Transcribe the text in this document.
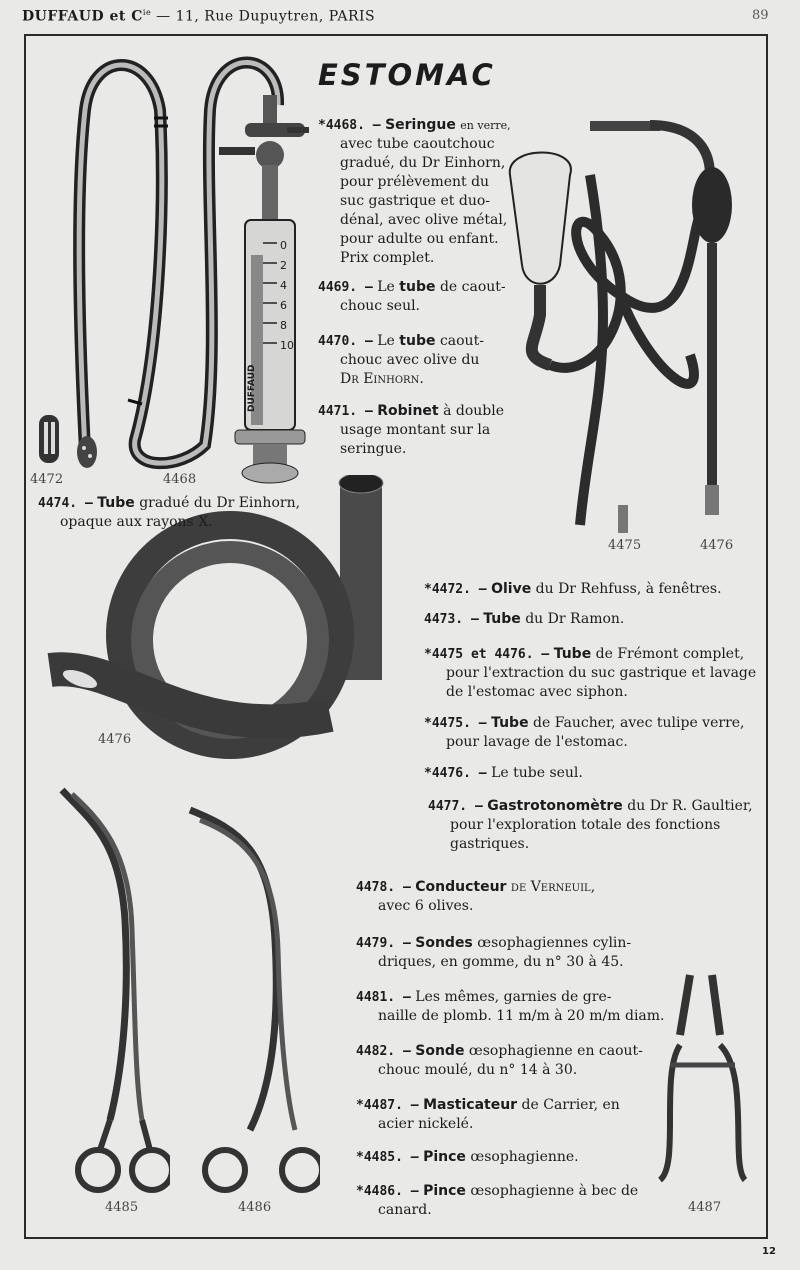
DUFFAUD et $C^{ie}$ — 11, Rue Dupuytren, PARIS	89
ESTOMAC
0
2
4
6
8
10
DUFFAUD
4472	4468
4475	4476
4476
4485	4486	4487
*4468. — Seringue en verre,
avec tube caoutchouc
gradué, du Dr Einhorn,
pour prélèvement du
suc gastrique et duo-
dénal, avec olive métal,
pour adulte ou enfant.
Prix complet.
4469. — Le tube de caout-
chouc seul.
4470. — Le tube caout-
chouc avec olive du
Dr Einhorn.
4471. — Robinet à double
usage montant sur la
seringue.
4474. — Tube gradué du Dr Einhorn,
opaque aux rayons X.
*4472. — Olive du Dr Rehfuss, à fenêtres.
4473. — Tube du Dr Ramon.
*4475 et 4476. — Tube de Frémont complet,
pour l'extraction du suc gastrique et lavage
de l'estomac avec siphon.
*4475. — Tube de Faucher, avec tulipe verre,
pour lavage de l'estomac.
*4476. — Le tube seul.
4477. — Gastrotonomètre du Dr R. Gaultier,
pour l'exploration totale des fonctions
gastriques.
4478. — Conducteur de Verneuil,
avec 6 olives.
4479. — Sondes œsophagiennes cylin-
driques, en gomme, du n° 30 à 45.
4481. — Les mêmes, garnies de gre-
naille de plomb. 11 m/m à 20 m/m diam.
4482. — Sonde œsophagienne en caout-
chouc moulé, du n° 14 à 30.
*4487. — Masticateur de Carrier, en
acier nickelé.
*4485. — Pince œsophagienne.
*4486. — Pince œsophagienne à bec de
canard.
12
